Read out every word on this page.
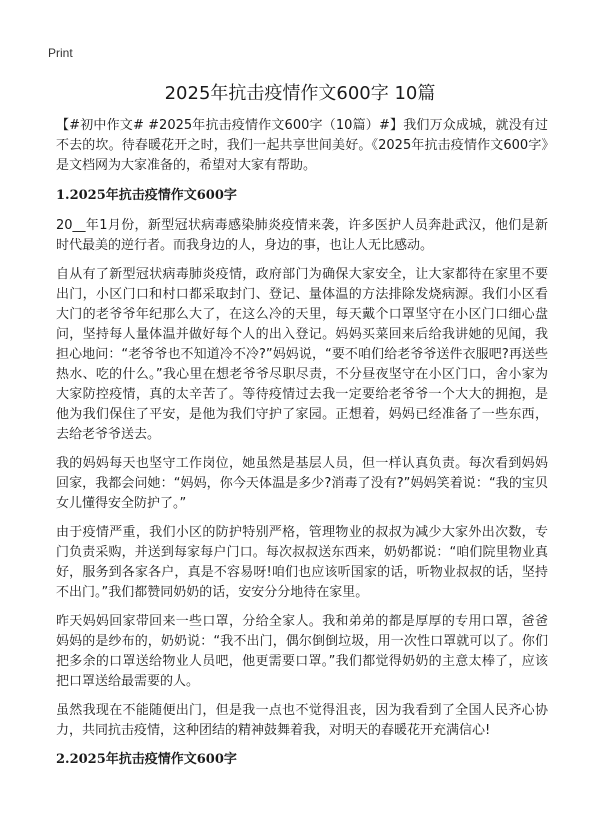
Print
2025年抗击疫情作文600字 10篇

【#初中作文# #2025年抗击疫情作文600字（10篇）#】我们万众成城，就没有过不去的坎。待春暖花开之时，我们一起共享世间美好。《2025年抗击疫情作文600字》是文档网为大家准备的，希望对大家有帮助。

1.2025年抗击疫情作文600字

20__年1月份，新型冠状病毒感染肺炎疫情来袭，许多医护人员奔赴武汉，他们是新时代最美的逆行者。而我身边的人，身边的事，也让人无比感动。

自从有了新型冠状病毒肺炎疫情，政府部门为确保大家安全，让大家都待在家里不要出门，小区门口和村口都采取封门、登记、量体温的方法排除发烧病源。我们小区看大门的老爷爷年纪那么大了，在这么冷的天里，每天戴个口罩坚守在小区门口细心盘问，坚持每人量体温并做好每个人的出入登记。妈妈买菜回来后给我讲她的见闻，我担心地问：“老爷爷也不知道冷不冷?”妈妈说，“要不咱们给老爷爷送件衣服吧?再送些热水、吃的什么。”我心里在想老爷爷尽职尽责，不分昼夜坚守在小区门口，舍小家为大家防控疫情，真的太辛苦了。等待疫情过去我一定要给老爷爷一个大大的拥抱，是他为我们保住了平安，是他为我们守护了家园。正想着，妈妈已经准备了一些东西，去给老爷爷送去。

我的妈妈每天也坚守工作岗位，她虽然是基层人员，但一样认真负责。每次看到妈妈回家，我都会问她：“妈妈，你今天体温是多少?消毒了没有?”妈妈笑着说：“我的宝贝女儿懂得安全防护了。”

由于疫情严重，我们小区的防护特别严格，管理物业的叔叔为减少大家外出次数，专门负责采购，并送到每家每户门口。每次叔叔送东西来，奶奶都说：“咱们院里物业真好，服务到各家各户，真是不容易呀!咱们也应该听国家的话，听物业叔叔的话，坚持不出门。”我们都赞同奶奶的话，安安分分地待在家里。

昨天妈妈回家带回来一些口罩，分给全家人。我和弟弟的都是厚厚的专用口罩，爸爸妈妈的是纱布的，奶奶说：“我不出门，偶尔倒倒垃圾，用一次性口罩就可以了。你们把多余的口罩送给物业人员吧，他更需要口罩。”我们都觉得奶奶的主意太棒了，应该把口罩送给最需要的人。

虽然我现在不能随便出门，但是我一点也不觉得沮丧，因为我看到了全国人民齐心协力，共同抗击疫情，这种团结的精神鼓舞着我，对明天的春暖花开充满信心!

2.2025年抗击疫情作文600字
